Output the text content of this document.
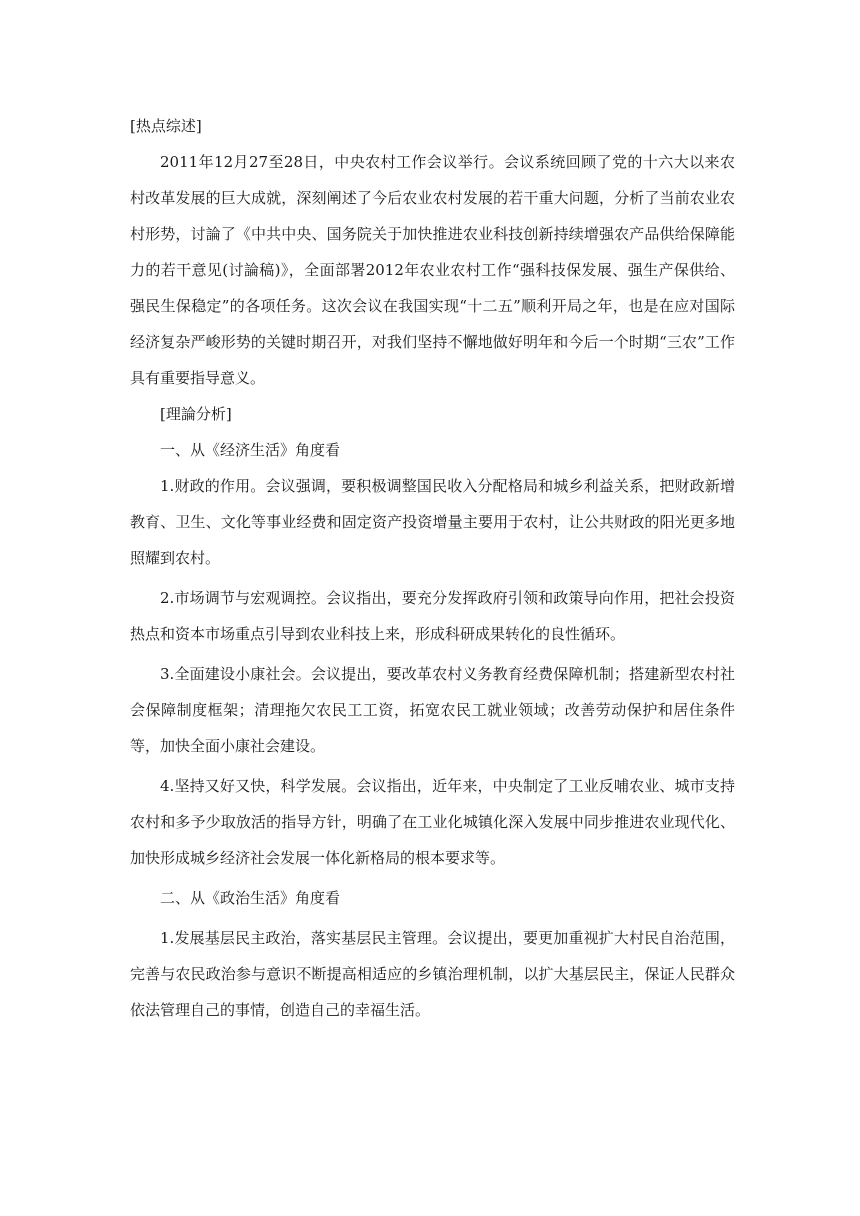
[热点综述]

2011年12月27至28日，中央农村工作会议举行。会议系统回顾了党的十六大以来农村改革发展的巨大成就，深刻阐述了今后农业农村发展的若干重大问题，分析了当前农业农村形势，讨論了《中共中央、国务院关于加快推进农业科技创新持续增强农产品供给保障能力的若干意见(讨論稿)》，全面部署2012年农业农村工作“强科技保发展、强生产保供给、强民生保稳定”的各项任务。这次会议在我国实现“十二五”顺利开局之年，也是在应对国际经济复杂严峻形势的关键时期召开，对我们坚持不懈地做好明年和今后一个时期“三农”工作具有重要指导意义。

[理論分析]

一、从《经济生活》角度看

1.财政的作用。会议强调，要积极调整国民收入分配格局和城乡利益关系，把财政新增教育、卫生、文化等事业经费和固定资产投资增量主要用于农村，让公共财政的阳光更多地照耀到农村。

2.市场调节与宏观调控。会议指出，要充分发挥政府引领和政策导向作用，把社会投资热点和资本市场重点引导到农业科技上来，形成科研成果转化的良性循环。

3.全面建设小康社会。会议提出，要改革农村义务教育经费保障机制；搭建新型农村社会保障制度框架；清理拖欠农民工工资，拓宽农民工就业领域；改善劳动保护和居住条件等，加快全面小康社会建设。

4.坚持又好又快，科学发展。会议指出，近年来，中央制定了工业反哺农业、城市支持农村和多予少取放活的指导方针，明确了在工业化城镇化深入发展中同步推进农业现代化、加快形成城乡经济社会发展一体化新格局的根本要求等。

二、从《政治生活》角度看

1.发展基层民主政治，落实基层民主管理。会议提出，要更加重视扩大村民自治范围，完善与农民政治参与意识不断提高相适应的乡镇治理机制，以扩大基层民主，保证人民群众依法管理自己的事情，创造自己的幸福生活。
